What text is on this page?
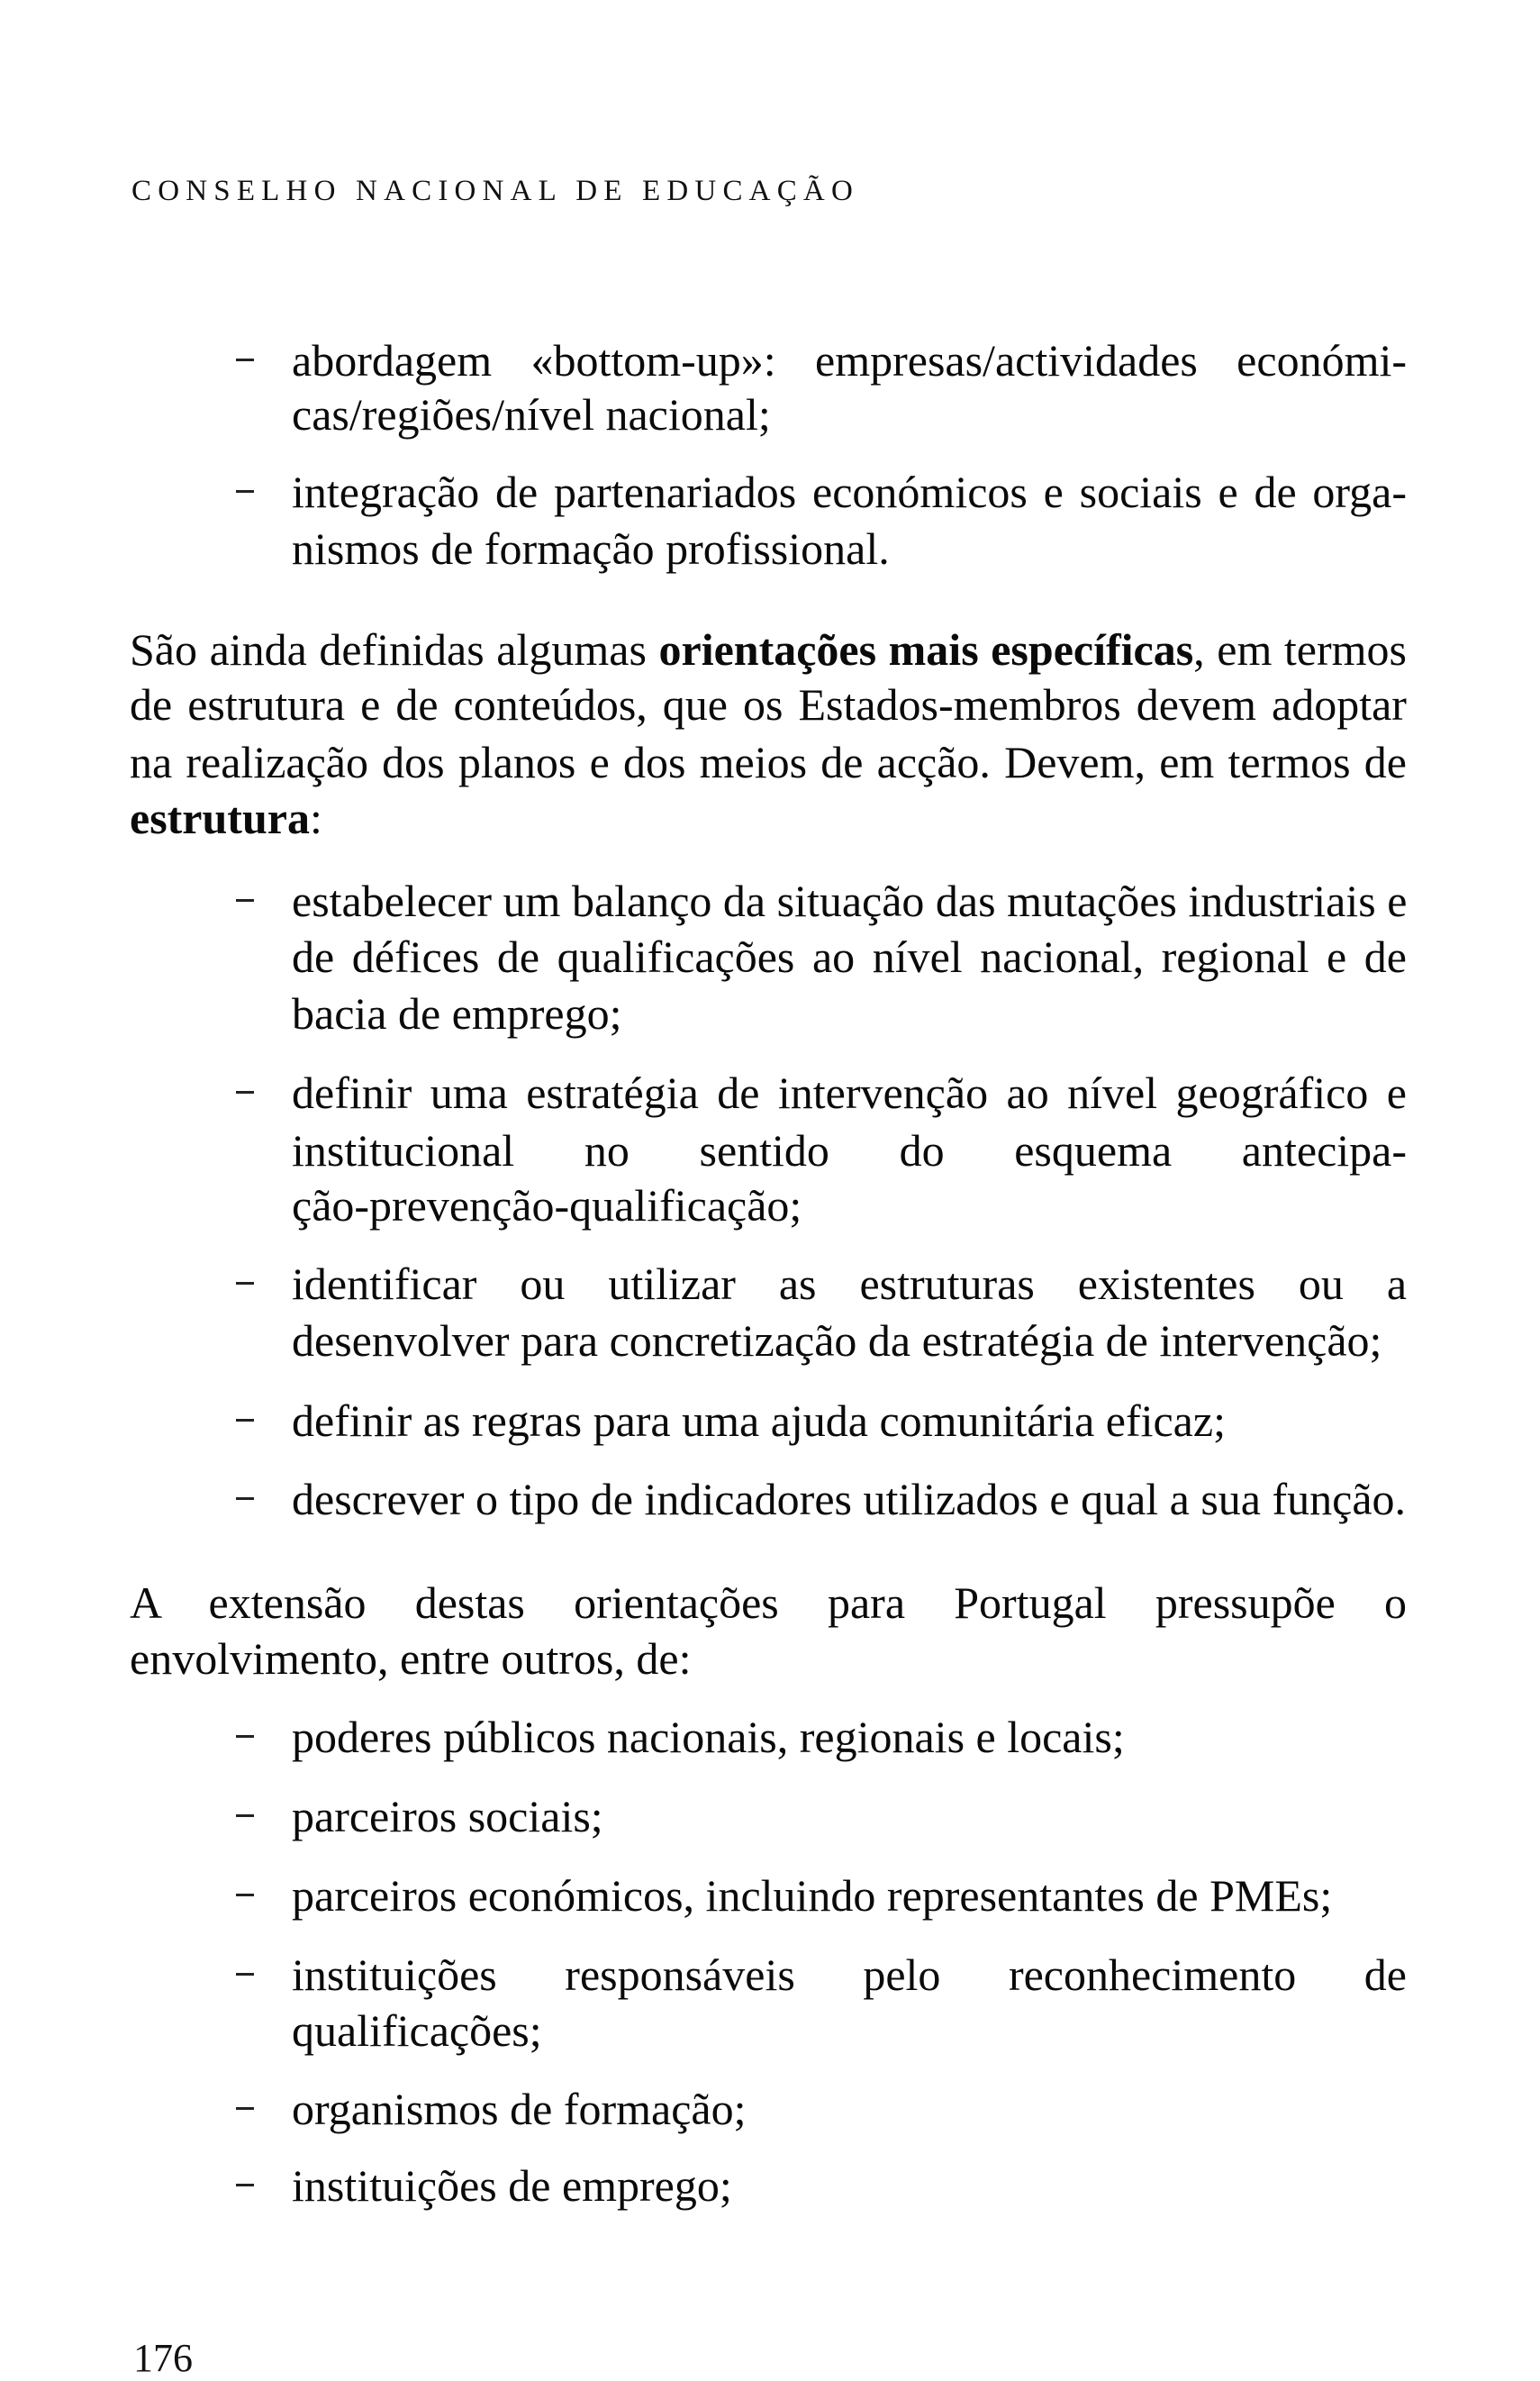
CONSELHO NACIONAL DE EDUCAÇÃO
abordagem «bottom-up»: empresas/actividades económi-
cas/regiões/nível nacional;
integração de partenariados económicos e sociais e de orga-
nismos de formação profissional.
São ainda definidas algumas orientações mais específicas, em termos
de estrutura e de conteúdos, que os Estados-membros devem adoptar
na realização dos planos e dos meios de acção. Devem, em termos de
estrutura:
estabelecer um balanço da situação das mutações industriais e
de défices de qualificações ao nível nacional, regional e de
bacia de emprego;
definir uma estratégia de intervenção ao nível geográfico e
institucional no sentido do esquema antecipa-
ção-prevenção-qualificação;
identificar ou utilizar as estruturas existentes ou a
desenvolver para concretização da estratégia de intervenção;
definir as regras para uma ajuda comunitária eficaz;
descrever o tipo de indicadores utilizados e qual a sua função.
A extensão destas orientações para Portugal pressupõe o
envolvimento, entre outros, de:
poderes públicos nacionais, regionais e locais;
parceiros sociais;
parceiros económicos, incluindo representantes de PMEs;
instituições responsáveis pelo reconhecimento de
qualificações;
organismos de formação;
instituições de emprego;
176
